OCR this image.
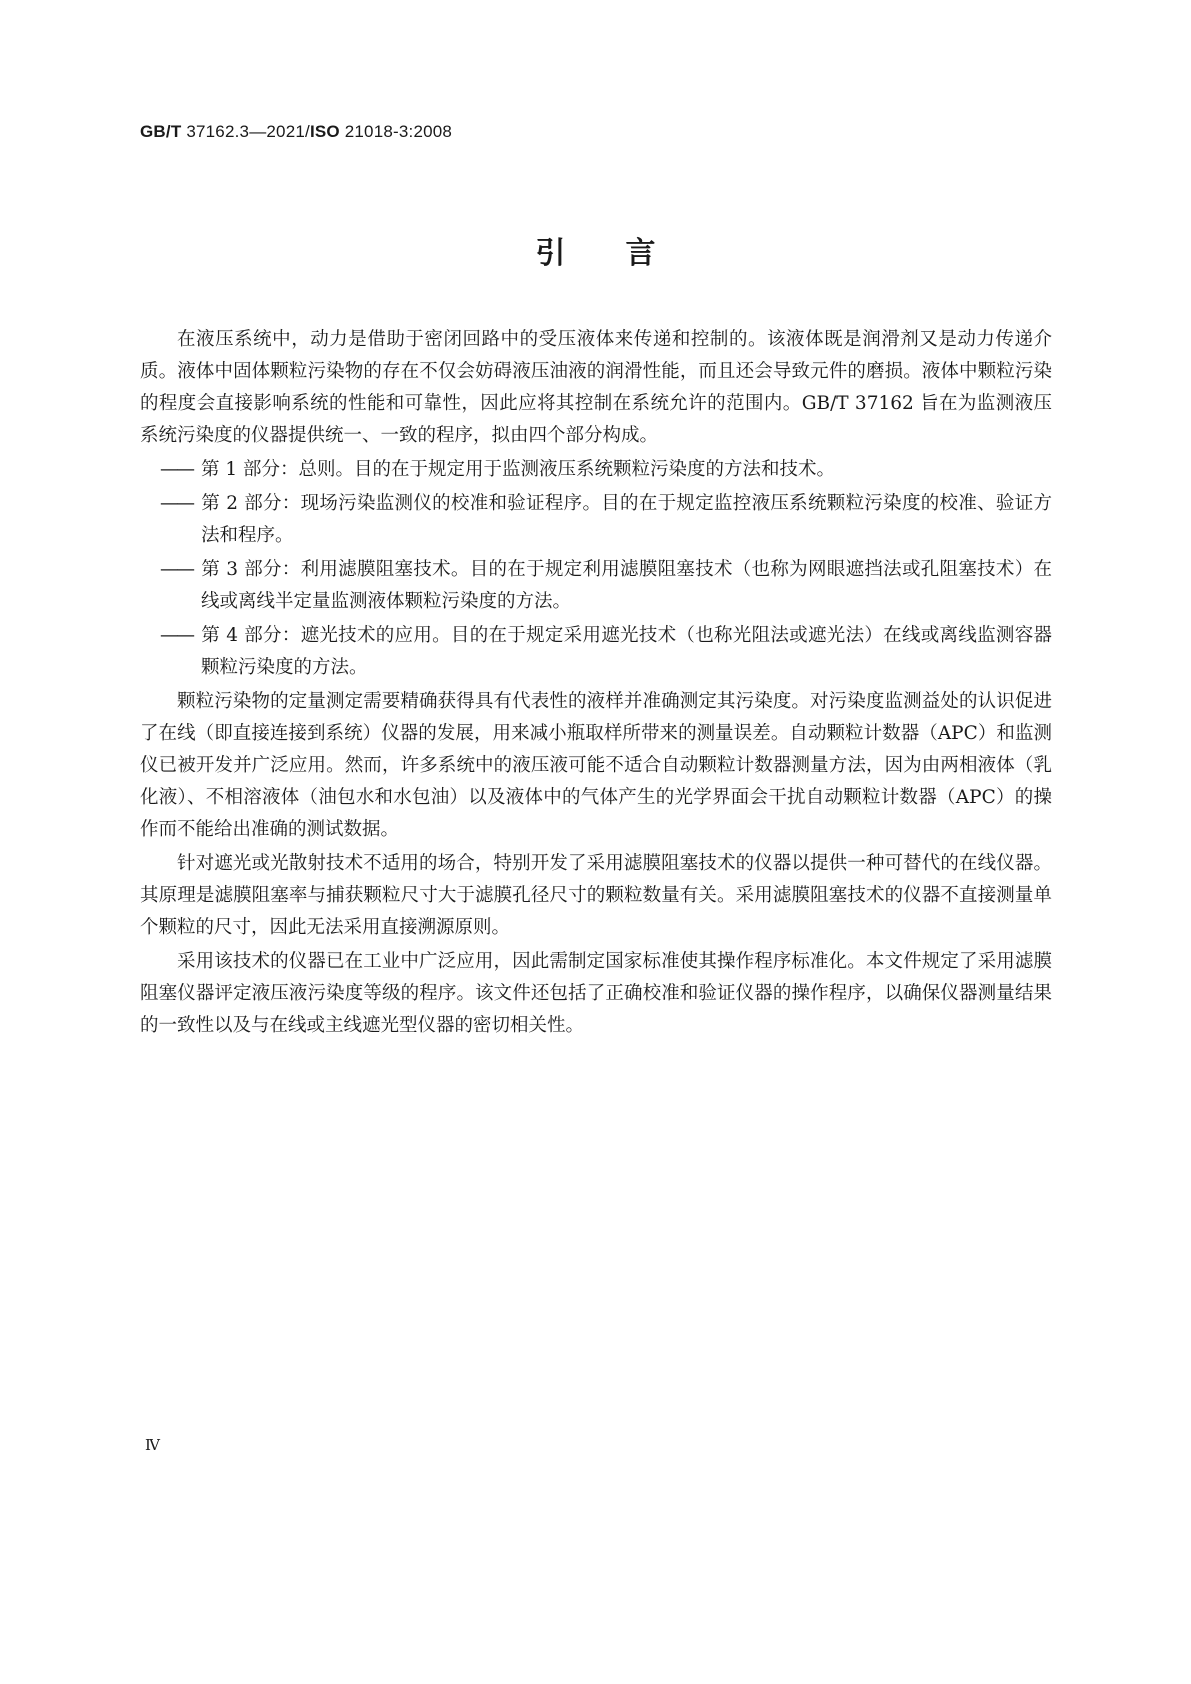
GB/T 37162.3—2021/ISO 21018-3:2008
引 言

在液压系统中，动力是借助于密闭回路中的受压液体来传递和控制的。该液体既是润滑剂又是动力传递介质。液体中固体颗粒污染物的存在不仅会妨碍液压油液的润滑性能，而且还会导致元件的磨损。液体中颗粒污染的程度会直接影响系统的性能和可靠性，因此应将其控制在系统允许的范围内。GB/T 37162 旨在为监测液压系统污染度的仪器提供统一、一致的程序，拟由四个部分构成。

—— 第 1 部分：总则。目的在于规定用于监测液压系统颗粒污染度的方法和技术。
—— 第 2 部分：现场污染监测仪的校准和验证程序。目的在于规定监控液压系统颗粒污染度的校准、验证方法和程序。
—— 第 3 部分：利用滤膜阻塞技术。目的在于规定利用滤膜阻塞技术（也称为网眼遮挡法或孔阻塞技术）在线或离线半定量监测液体颗粒污染度的方法。
—— 第 4 部分：遮光技术的应用。目的在于规定采用遮光技术（也称光阻法或遮光法）在线或离线监测容器颗粒污染度的方法。

颗粒污染物的定量测定需要精确获得具有代表性的液样并准确测定其污染度。对污染度监测益处的认识促进了在线（即直接连接到系统）仪器的发展，用来减小瓶取样所带来的测量误差。自动颗粒计数器（APC）和监测仪已被开发并广泛应用。然而，许多系统中的液压液可能不适合自动颗粒计数器测量方法，因为由两相液体（乳化液）、不相溶液体（油包水和水包油）以及液体中的气体产生的光学界面会干扰自动颗粒计数器（APC）的操作而不能给出准确的测试数据。

针对遮光或光散射技术不适用的场合，特别开发了采用滤膜阻塞技术的仪器以提供一种可替代的在线仪器。其原理是滤膜阻塞率与捕获颗粒尺寸大于滤膜孔径尺寸的颗粒数量有关。采用滤膜阻塞技术的仪器不直接测量单个颗粒的尺寸，因此无法采用直接溯源原则。

采用该技术的仪器已在工业中广泛应用，因此需制定国家标准使其操作程序标准化。本文件规定了采用滤膜阻塞仪器评定液压液污染度等级的程序。该文件还包括了正确校准和验证仪器的操作程序，以确保仪器测量结果的一致性以及与在线或主线遮光型仪器的密切相关性。

Ⅳ
